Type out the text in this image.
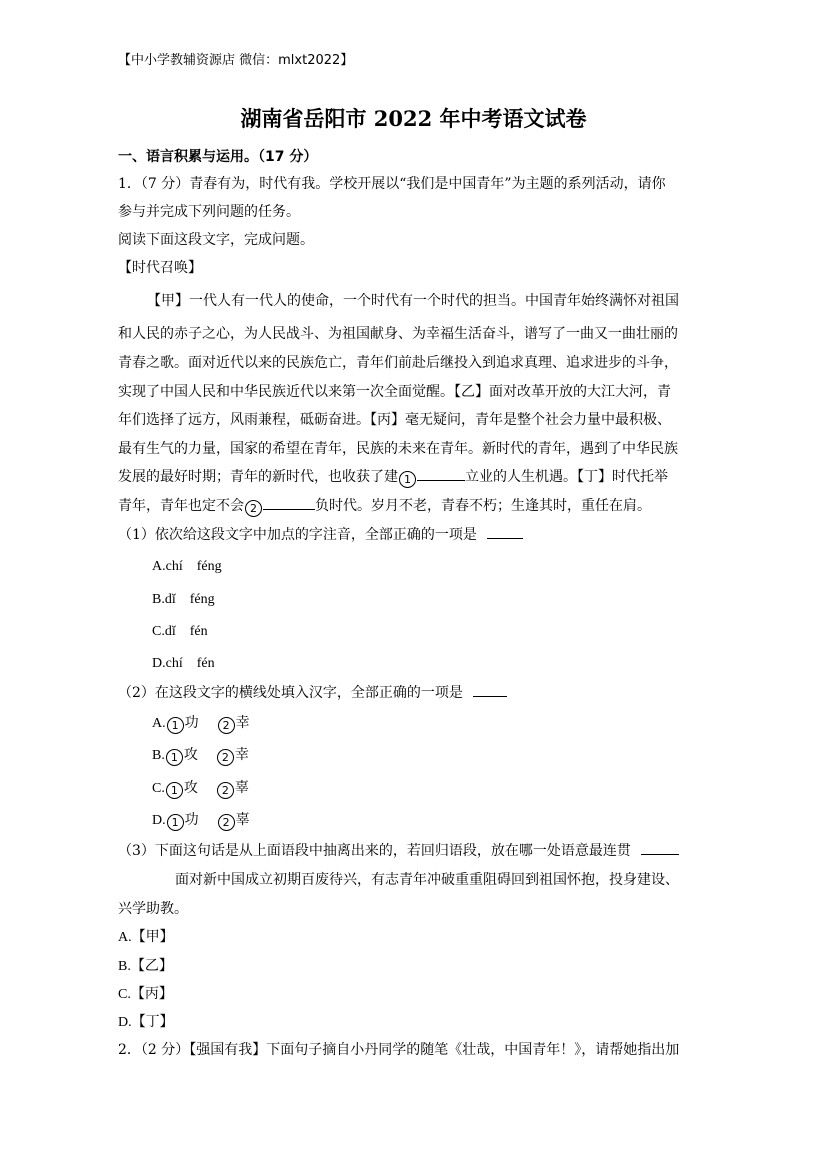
【中小学教辅资源店 微信：mlxt2022】
湖南省岳阳市 2022 年中考语文试卷
一、语言积累与运用。（17 分）
1．（7 分）青春有为，时代有我。学校开展以“我们是中国青年”为主题的系列活动，请你
参与并完成下列问题的任务。
阅读下面这段文字，完成问题。
【时代召唤】
【甲】一代人有一代人的使命，一个时代有一个时代的担当。中国青年始终满怀对祖国
和人民的赤子之心，为人民战斗、为祖国献身、为幸福生活奋斗，谱写了一曲又一曲壮丽的
青春之歌。面对近代以来的民族危亡，青年们前赴后继投入到追求真理、追求进步的斗争，
实现了中国人民和中华民族近代以来第一次全面觉醒。【乙】面对改革开放的大江大河，青
年们选择了远方，风雨兼程，砥砺奋进。【丙】毫无疑问，青年是整个社会力量中最积极、
最有生气的力量，国家的希望在青年，民族的未来在青年。新时代的青年，遇到了中华民族
发展的最好时期；青年的新时代，也收获了建 1	立业的人生机遇。【丁】时代托举
青年，青年也定不会 2	负时代。岁月不老，青春不朽；生逢其时，重任在肩。
（1）依次给这段文字中加点的字注音，全部正确的一项是
A.chí　féng
B.dǐ　féng
C.dǐ　fén
D.chí　fén
（2）在这段文字的横线处填入汉字，全部正确的一项是
A. 1 功 2 幸
B. 1 攻 2 幸
C. 1 攻 2 辜
D. 1 功 2 辜
（3）下面这句话是从上面语段中抽离出来的，若回归语段，放在哪一处语意最连贯
面对新中国成立初期百废待兴，有志青年冲破重重阻碍回到祖国怀抱，投身建设、
兴学助教。
A.【甲】
B.【乙】
C.【丙】
D.【丁】
2．（2 分）【强国有我】下面句子摘自小丹同学的随笔《壮哉，中国青年！》，请帮她指出加
